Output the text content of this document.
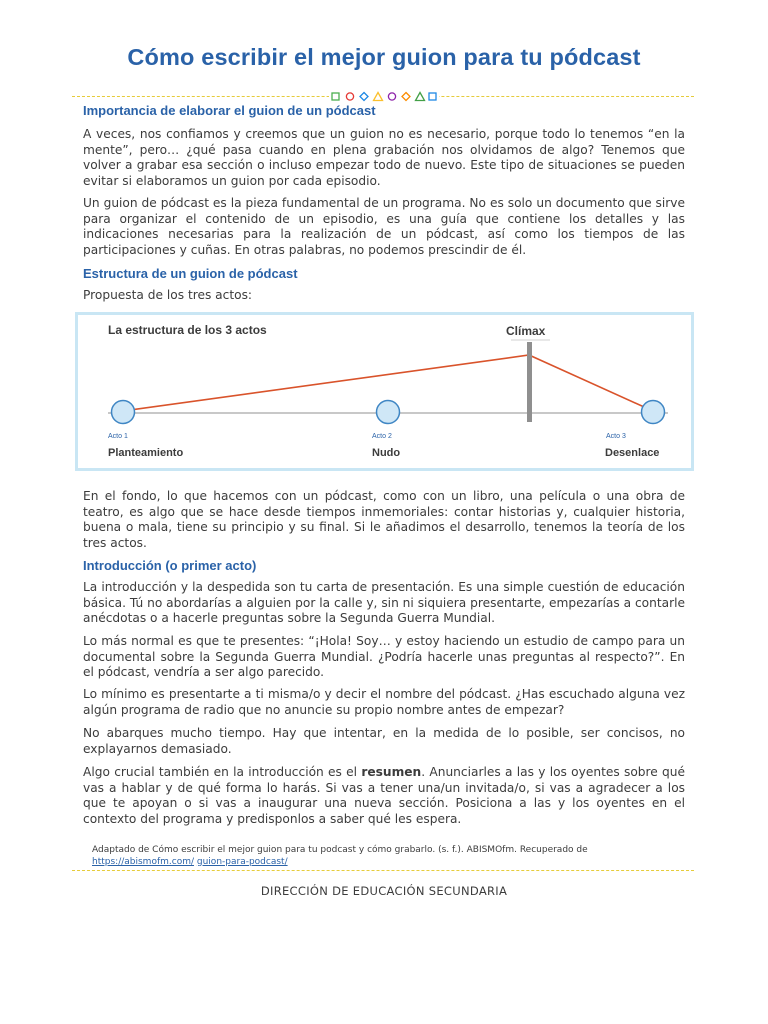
Cómo escribir el mejor guion para tu pódcast
Importancia de elaborar el guion de un pódcast

A veces, nos confiamos y creemos que un guion no es necesario, porque todo lo tenemos “en la mente”, pero… ¿qué pasa cuando en plena grabación nos olvidamos de algo? Tenemos que volver a grabar esa sección o incluso empezar todo de nuevo. Este tipo de situaciones se pueden evitar si elaboramos un guion por cada episodio.

Un guion de pódcast es la pieza fundamental de un programa. No es solo un documento que sirve para organizar el contenido de un episodio, es una guía que contiene los detalles y las indicaciones necesarias para la realización de un pódcast, así como los tiempos de las participaciones y cuñas. En otras palabras, no podemos prescindir de él.

Estructura de un guion de pódcast

Propuesta de los tres actos:

La estructura de los 3 actos	Clímax
Acto 1	Acto 2	Acto 3
Planteamiento	Nudo	Desenlace

En el fondo, lo que hacemos con un pódcast, como con un libro, una película o una obra de teatro, es algo que se hace desde tiempos inmemoriales: contar historias y, cualquier historia, buena o mala, tiene su principio y su final. Si le añadimos el desarrollo, tenemos la teoría de los tres actos.

Introducción (o primer acto)

La introducción y la despedida son tu carta de presentación. Es una simple cuestión de educación básica. Tú no abordarías a alguien por la calle y, sin ni siquiera presentarte, empezarías a contarle anécdotas o a hacerle preguntas sobre la Segunda Guerra Mundial.

Lo más normal es que te presentes: “¡Hola! Soy… y estoy haciendo un estudio de campo para un documental sobre la Segunda Guerra Mundial. ¿Podría hacerle unas preguntas al respecto?”. En el pódcast, vendría a ser algo parecido.

Lo mínimo es presentarte a ti misma/o y decir el nombre del pódcast. ¿Has escuchado alguna vez algún programa de radio que no anuncie su propio nombre antes de empezar?

No abarques mucho tiempo. Hay que intentar, en la medida de lo posible, ser concisos, no explayarnos demasiado.

Algo crucial también en la introducción es el resumen. Anunciarles a las y los oyentes sobre qué vas a hablar y de qué forma lo harás. Si vas a tener una/un invitada/o, si vas a agradecer a los que te apoyan o si vas a inaugurar una nueva sección. Posiciona a las y los oyentes en el contexto del programa y predisponlos a saber qué les espera.

Adaptado de Cómo escribir el mejor guion para tu podcast y cómo grabarlo. (s. f.). ABISMOfm. Recuperado de
https://abismofm.com/ guion-para-podcast/
DIRECCIÓN DE EDUCACIÓN SECUNDARIA
